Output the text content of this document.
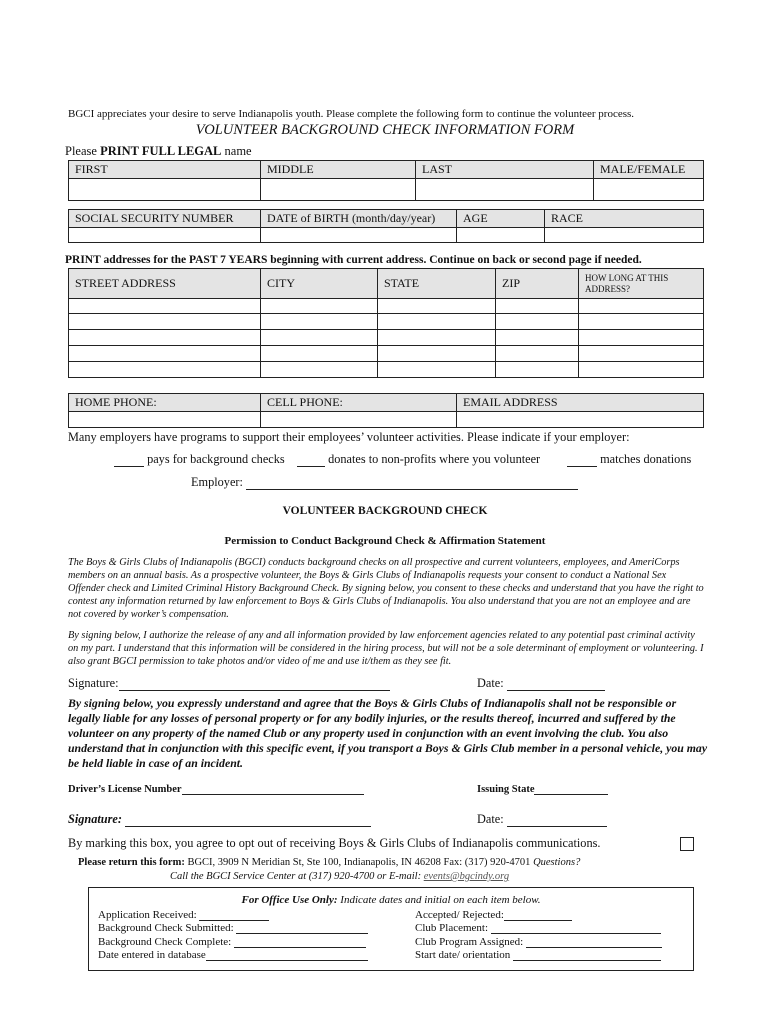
BGCI appreciates your desire to serve Indianapolis youth. Please complete the following form to continue the volunteer process.
VOLUNTEER BACKGROUND CHECK INFORMATION FORM
Please PRINT FULL LEGAL name
FIRST	MIDDLE	LAST	MALE/FEMALE

SOCIAL SECURITY NUMBER	DATE of BIRTH (month/day/year)	AGE	RACE

PRINT addresses for the PAST 7 YEARS beginning with current address. Continue on back or second page if needed.
STREET ADDRESS	CITY	STATE	ZIP	HOW LONG AT THIS ADDRESS?

HOME PHONE:	CELL PHONE:	EMAIL ADDRESS

Many employers have programs to support their employees’ volunteer activities. Please indicate if your employer:
pays for background checks	donates to non-profits where you volunteer	matches donations
Employer:
VOLUNTEER BACKGROUND CHECK
Permission to Conduct Background Check & Affirmation Statement
The Boys & Girls Clubs of Indianapolis (BGCI) conducts background checks on all prospective and current volunteers, employees, and AmeriCorps members on an annual basis. As a prospective volunteer, the Boys & Girls Clubs of Indianapolis requests your consent to conduct a National Sex Offender check and Limited Criminal History Background Check. By signing below, you consent to these checks and understand that you have the right to contest any information returned by law enforcement to Boys & Girls Clubs of Indianapolis. You also understand that you are not an employee and are not covered by worker’s compensation.
By signing below, I authorize the release of any and all information provided by law enforcement agencies related to any potential past criminal activity on my part. I understand that this information will be considered in the hiring process, but will not be a sole determinant of employment or volunteering. I also grant BGCI permission to take photos and/or video of me and use it/them as they see fit.
Signature:	Date:
By signing below, you expressly understand and agree that the Boys & Girls Clubs of Indianapolis shall not be responsible or legally liable for any losses of personal property or for any bodily injuries, or the results thereof, incurred and suffered by the volunteer on any property of the named Club or any property used in conjunction with an event involving the club. You also understand that in conjunction with this specific event, if you transport a Boys & Girls Club member in a personal vehicle, you may be held liable in case of an incident.
Driver’s License Number	Issuing State
Signature:	Date:
By marking this box, you agree to opt out of receiving Boys & Girls Clubs of Indianapolis communications.
Please return this form: BGCI, 3909 N Meridian St, Ste 100, Indianapolis, IN 46208 Fax: (317) 920-4701 Questions?
Call the BGCI Service Center at (317) 920-4700 or E-mail: events@bgcindy.org
For Office Use Only: Indicate dates and initial on each item below.
Application Received:
Background Check Submitted:
Background Check Complete:
Date entered in database
Accepted/ Rejected:
Club Placement:
Club Program Assigned:
Start date/ orientation
